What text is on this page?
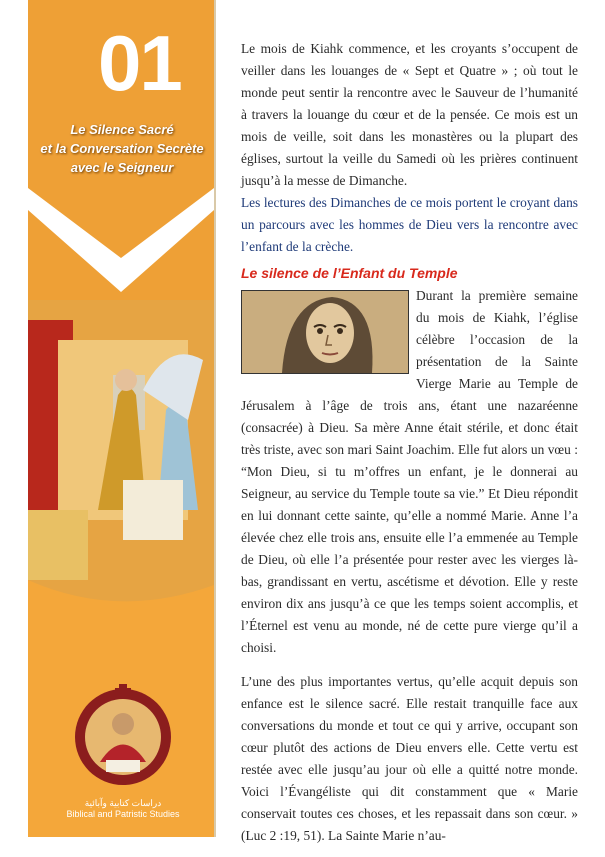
01
Le Silence Sacré
et la Conversation Secrète
avec le Seigneur
دراسات كتابية وآبائية
Biblical and Patristic Studies

Le mois de Kiahk commence, et les croyants s’occupent de veiller dans les louanges de « Sept et Quatre » ; où tout le monde peut sentir la rencontre avec le Sauveur de l’humanité à travers la louange du cœur et de la pensée. Ce mois est un mois de veille, soit dans les monastères ou la plupart des églises, surtout la veille du Samedi où les prières continuent jusqu’à la messe de Dimanche.

Les lectures des Dimanches de ce mois portent le croyant dans un parcours avec les hommes de Dieu vers la rencontre avec l’enfant de la crèche.

Le silence de l’Enfant du Temple

Durant la première semaine du mois de Kiahk, l’église célèbre l’occasion de la présentation de la Sainte Vierge Marie au Temple de Jérusalem à l’âge de trois ans, étant une nazaréenne (consacrée) à Dieu. Sa mère Anne était stérile, et donc était très triste, avec son mari Saint Joachim. Elle fut alors un vœu : “Mon Dieu, si tu m’offres un enfant, je le donnerai au Seigneur, au service du Temple toute sa vie.” Et Dieu répondit en lui donnant cette sainte, qu’elle a nommé Marie. Anne l’a élevée chez elle trois ans, ensuite elle l’a emmenée au Temple de Dieu, où elle l’a présentée pour rester avec les vierges là-bas, grandissant en vertu, ascétisme et dévotion. Elle y reste environ dix ans jusqu’à ce que les temps soient accomplis, et l’Éternel est venu au monde, né de cette pure vierge qu’il a choisi.

L’une des plus importantes vertus, qu’elle acquit depuis son enfance est le silence sacré. Elle restait tranquille face aux conversations du monde et tout ce qui y arrive, occupant son cœur plutôt des actions de Dieu envers elle. Cette vertu est restée avec elle jusqu’au jour où elle a quitté notre monde. Voici l’Évangéliste qui dit constamment que « Marie conservait toutes ces choses, et les repassait dans son cœur. » (Luc 2 :19, 51). La Sainte Marie n’au-
